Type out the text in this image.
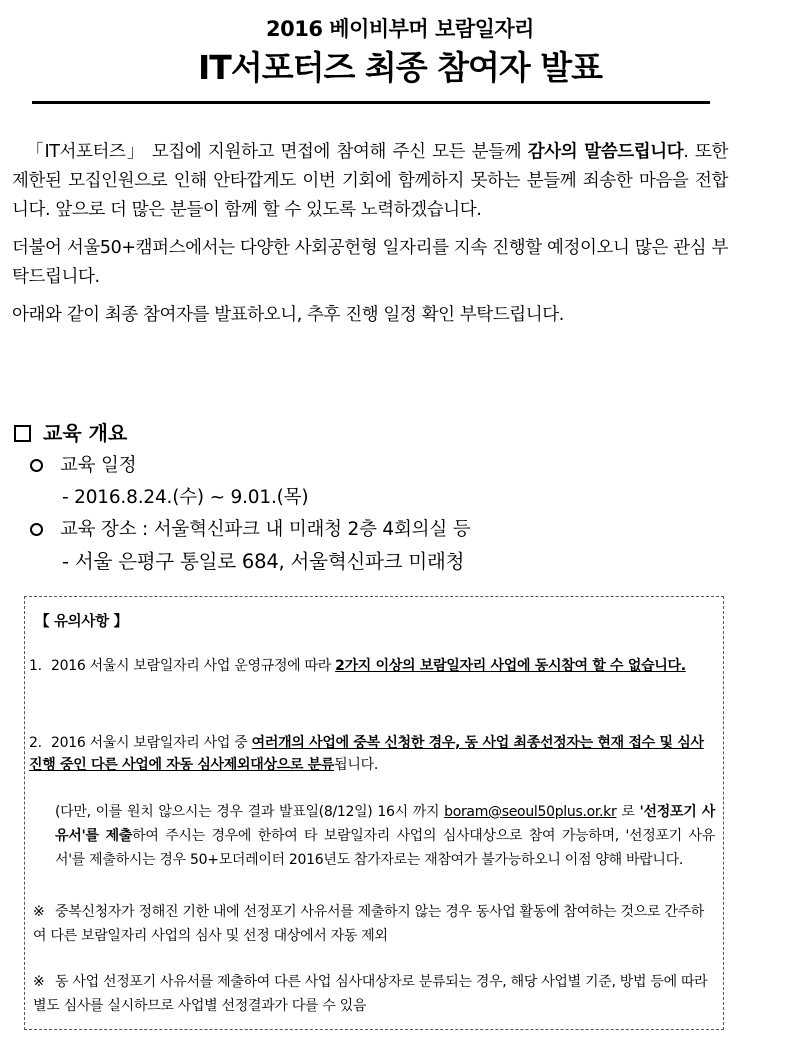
2016 베이비부머 보람일자리
IT서포터즈 최종 참여자 발표

「IT서포터즈」 모집에 지원하고 면접에 참여해 주신 모든 분들께 감사의 말씀드립니다. 또한 제한된 모집인원으로 인해 안타깝게도 이번 기회에 함께하지 못하는 분들께 죄송한 마음을 전합니다. 앞으로 더 많은 분들이 함께 할 수 있도록 노력하겠습니다.

더불어 서울50+캠퍼스에서는 다양한 사회공헌형 일자리를 지속 진행할 예정이오니 많은 관심 부탁드립니다.

아래와 같이 최종 참여자를 발표하오니, 추후 진행 일정 확인 부탁드립니다.

교육 개요
교육 일정
- 2016.8.24.(수) ~ 9.01.(목)
교육 장소 : 서울혁신파크 내 미래청 2층 4회의실 등
- 서울 은평구 통일로 684, 서울혁신파크 미래청
【 유의사항 】
1. 2016 서울시 보람일자리 사업 운영규정에 따라 2가지 이상의 보람일자리 사업에 동시참여 할 수 없습니다.
2. 2016 서울시 보람일자리 사업 중 여러개의 사업에 중복 신청한 경우, 동 사업 최종선정자는 현재 접수 및 심사 진행 중인 다른 사업에 자동 심사제외대상으로 분류됩니다.
(다만, 이를 원치 않으시는 경우 결과 발표일(8/12일) 16시 까지 boram@seoul50plus.or.kr 로 '선정포기 사유서'를 제출하여 주시는 경우에 한하여 타 보람일자리 사업의 심사대상으로 참여 가능하며, '선정포기 사유서'를 제출하시는 경우 50+모더레이터 2016년도 참가자로는 재참여가 불가능하오니 이점 양해 바랍니다.
※ 중복신청자가 정해진 기한 내에 선정포기 사유서를 제출하지 않는 경우 동사업 활동에 참여하는 것으로 간주하여 다른 보람일자리 사업의 심사 및 선정 대상에서 자동 제외
※ 동 사업 선정포기 사유서를 제출하여 다른 사업 심사대상자로 분류되는 경우, 해당 사업별 기준, 방법 등에 따라 별도 심사를 실시하므로 사업별 선정결과가 다를 수 있음
